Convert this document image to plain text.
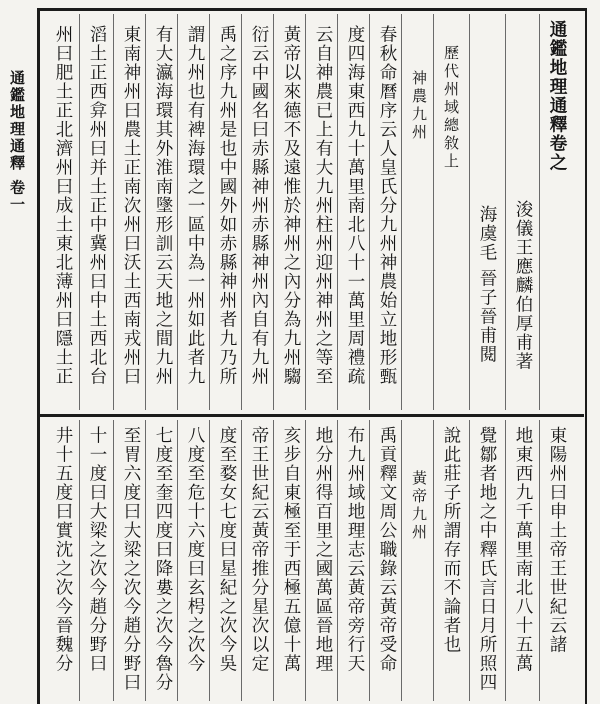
通鑑地理通釋 卷一	通鑑地理通釋卷之
浚儀王應麟伯厚甫著
海虞毛 晉子晉甫閱
歷代州域總敘上
神農九州
春秋命曆序云人皇氏分九州神農始立地形甄
度四海東西九十萬里南北八十一萬里周禮疏
云自神農已上有大九州柱州迎州神州之等至
黃帝以來德不及遠惟於神州之內分為九州騶
衍云中國名曰赤縣神州赤縣神州內自有九州
禹之序九州是也中國外如赤縣神州者九乃所
謂九州也有裨海環之一區中為一州如此者九
有大瀛海環其外淮南墬形訓云天地之間九州
東南神州曰農土正南次州曰沃土西南戎州曰
滔土正西弇州曰并土正中冀州曰中土西北台
州曰肥土正北濟州曰成土東北薄州曰隱土正
東陽州曰申土帝王世紀云諸
地東西九千萬里南北八十五萬
覺鄒者地之中釋氏言日月所照四
說此莊子所謂存而不論者也
黃帝九州
禹貢釋文周公職錄云黃帝受命
布九州域地理志云黃帝旁行天
地分州得百里之國萬區晉地理
亥步自東極至于西極五億十萬
帝王世紀云黃帝推分星次以定
度至婺女七度曰星紀之次今吳
八度至危十六度曰玄枵之次今
七度至奎四度曰降婁之次今魯分
至胃六度曰大梁之次今趙分野曰
十一度曰大梁之次今趙分野曰
井十五度曰實沈之次今晉魏分
